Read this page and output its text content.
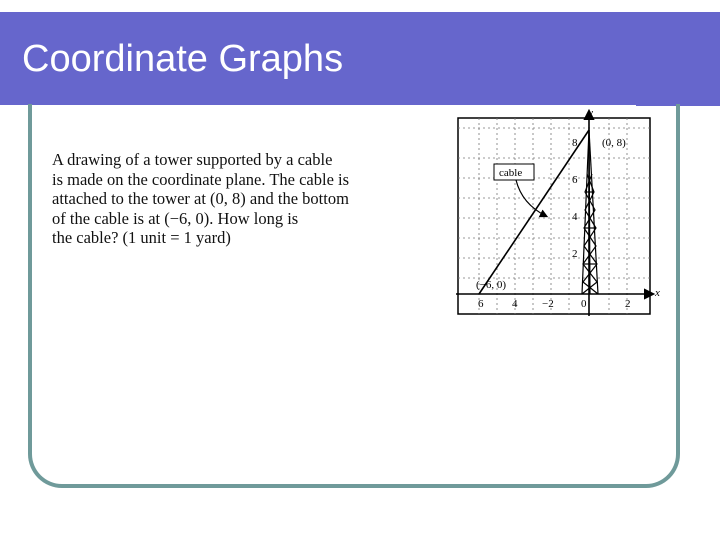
Coordinate Graphs

A drawing of a tower supported by a cable
is made on the coordinate plane. The cable is
attached to the tower at (0, 8) and the bottom
of the cable is at (−6, 0). How long is
the cable? (1 unit = 1 yard)

x
y
6	4 −2 0	2
8
6
4
2
cable
(0, 8)
(−6, 0)
